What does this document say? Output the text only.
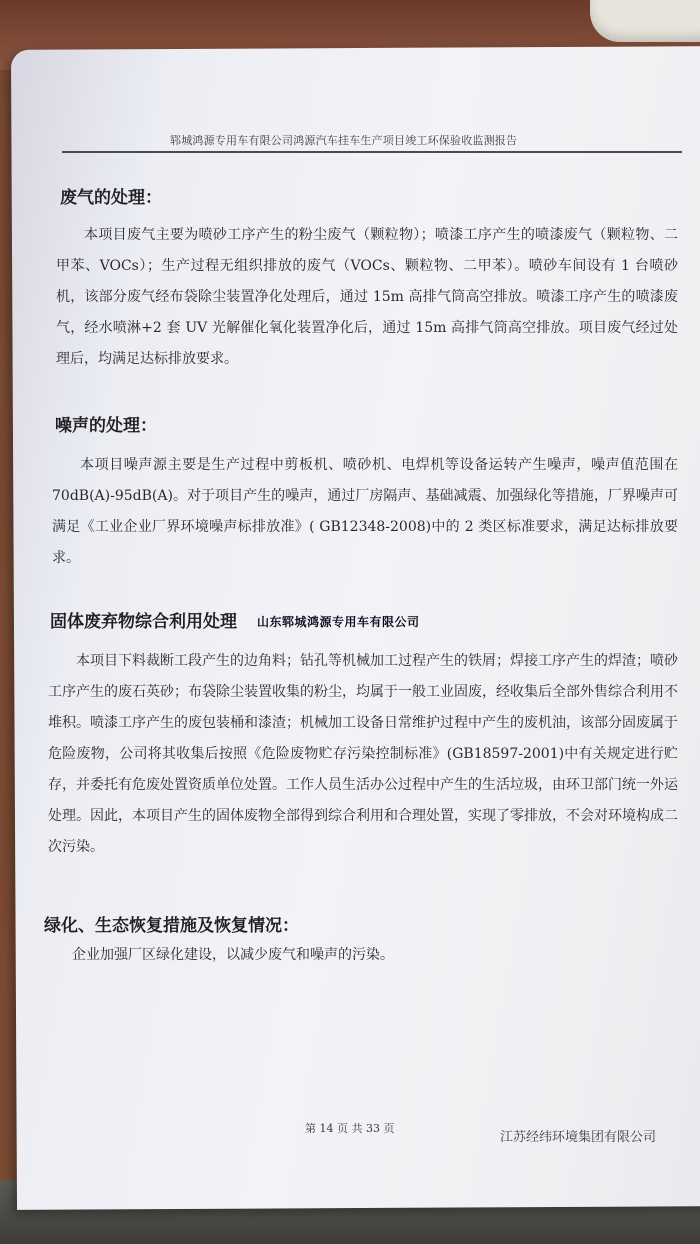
郓城鸿源专用车有限公司鸿源汽车挂车生产项目竣工环保验收监测报告
废气的处理：

本项目废气主要为喷砂工序产生的粉尘废气（颗粒物）；喷漆工序产生的喷漆废气（颗粒物、二甲苯、VOCs）；生产过程无组织排放的废气（VOCs、颗粒物、二甲苯）。喷砂车间设有 1 台喷砂机，该部分废气经布袋除尘装置净化处理后，通过 15m 高排气筒高空排放。喷漆工序产生的喷漆废气，经水喷淋+2 套 UV 光解催化氧化装置净化后，通过 15m 高排气筒高空排放。项目废气经过处理后，均满足达标排放要求。

噪声的处理：

本项目噪声源主要是生产过程中剪板机、喷砂机、电焊机等设备运转产生噪声，噪声值范围在 70dB(A)-95dB(A)。对于项目产生的噪声，通过厂房隔声、基础减震、加强绿化等措施，厂界噪声可满足《工业企业厂界环境噪声标排放准》( GB12348-2008)中的 2 类区标准要求，满足达标排放要求。

固体废弃物综合利用处理 山东郓城鸿源专用车有限公司

本项目下料裁断工段产生的边角料；钻孔等机械加工过程产生的铁屑；焊接工序产生的焊渣；喷砂工序产生的废石英砂；布袋除尘装置收集的粉尘，均属于一般工业固废，经收集后全部外售综合利用不堆积。喷漆工序产生的废包装桶和漆渣；机械加工设备日常维护过程中产生的废机油，该部分固废属于危险废物，公司将其收集后按照《危险废物贮存污染控制标准》(GB18597-2001)中有关规定进行贮存，并委托有危废处置资质单位处置。工作人员生活办公过程中产生的生活垃圾，由环卫部门统一外运处理。因此，本项目产生的固体废物全部得到综合利用和合理处置，实现了零排放，不会对环境构成二次污染。

绿化、生态恢复措施及恢复情况：

企业加强厂区绿化建设，以减少废气和噪声的污染。

第 14 页 共 33 页
江苏经纬环境集团有限公司
